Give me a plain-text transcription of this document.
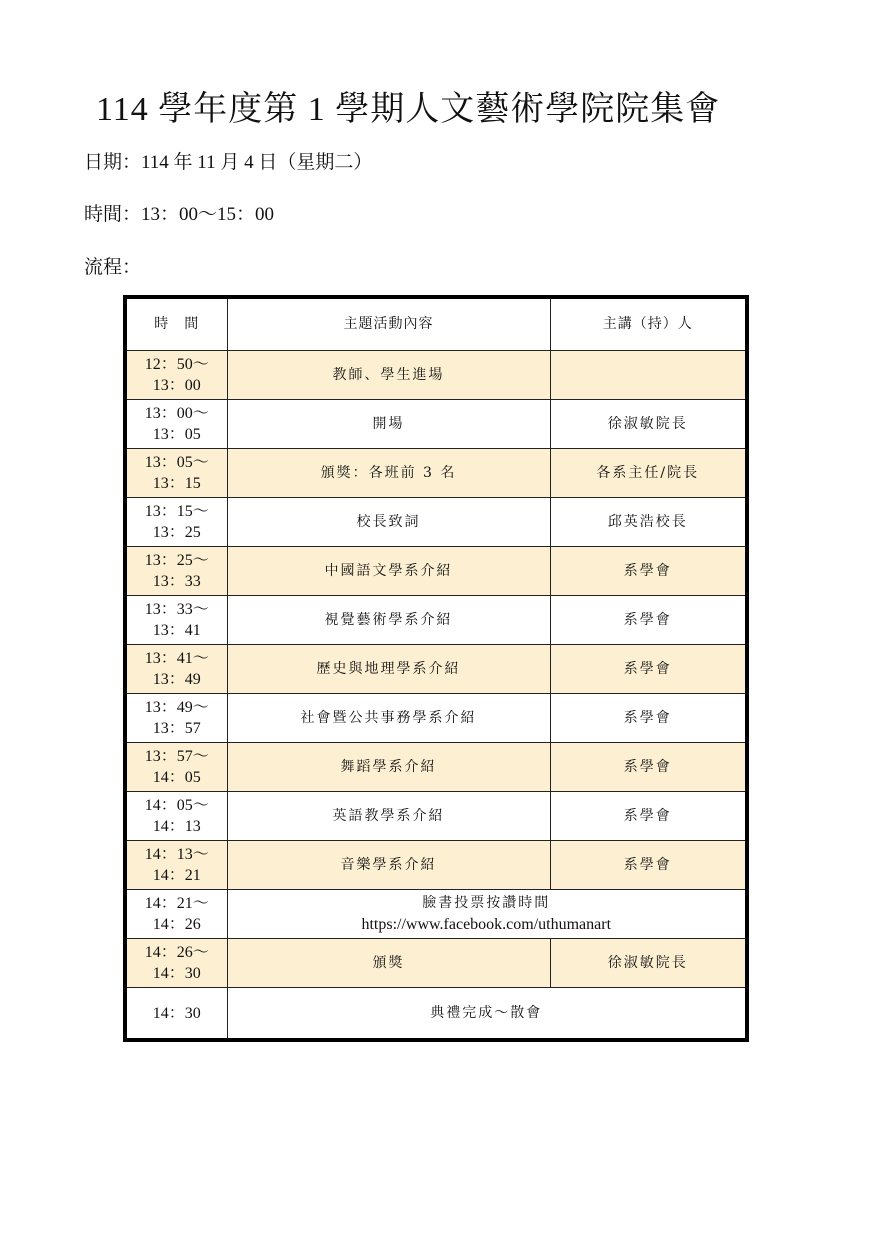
114 學年度第 1 學期人文藝術學院院集會
日期：114 年 11 月 4 日（星期二）
時間：13：00～15：00
流程：
時　間	主題活動內容	主講（持）人

12：50～
13：00	教師、學生進場	

13：00～
13：05	開場	徐淑敏院長

13：05～
13：15	頒獎：各班前 3 名	各系主任/院長

13：15～
13：25	校長致詞	邱英浩校長

13：25～
13：33	中國語文學系介紹	系學會

13：33～
13：41	視覺藝術學系介紹	系學會

13：41～
13：49	歷史與地理學系介紹	系學會

13：49～
13：57	社會暨公共事務學系介紹	系學會

13：57～
14：05	舞蹈學系介紹	系學會

14：05～
14：13	英語教學系介紹	系學會

14：13～
14：21	音樂學系介紹	系學會

14：21～
14：26	臉書投票按讚時間
https://www.facebook.com/uthumanart	

14：26～
14：30	頒獎	徐淑敏院長
14：30	典禮完成～散會	
